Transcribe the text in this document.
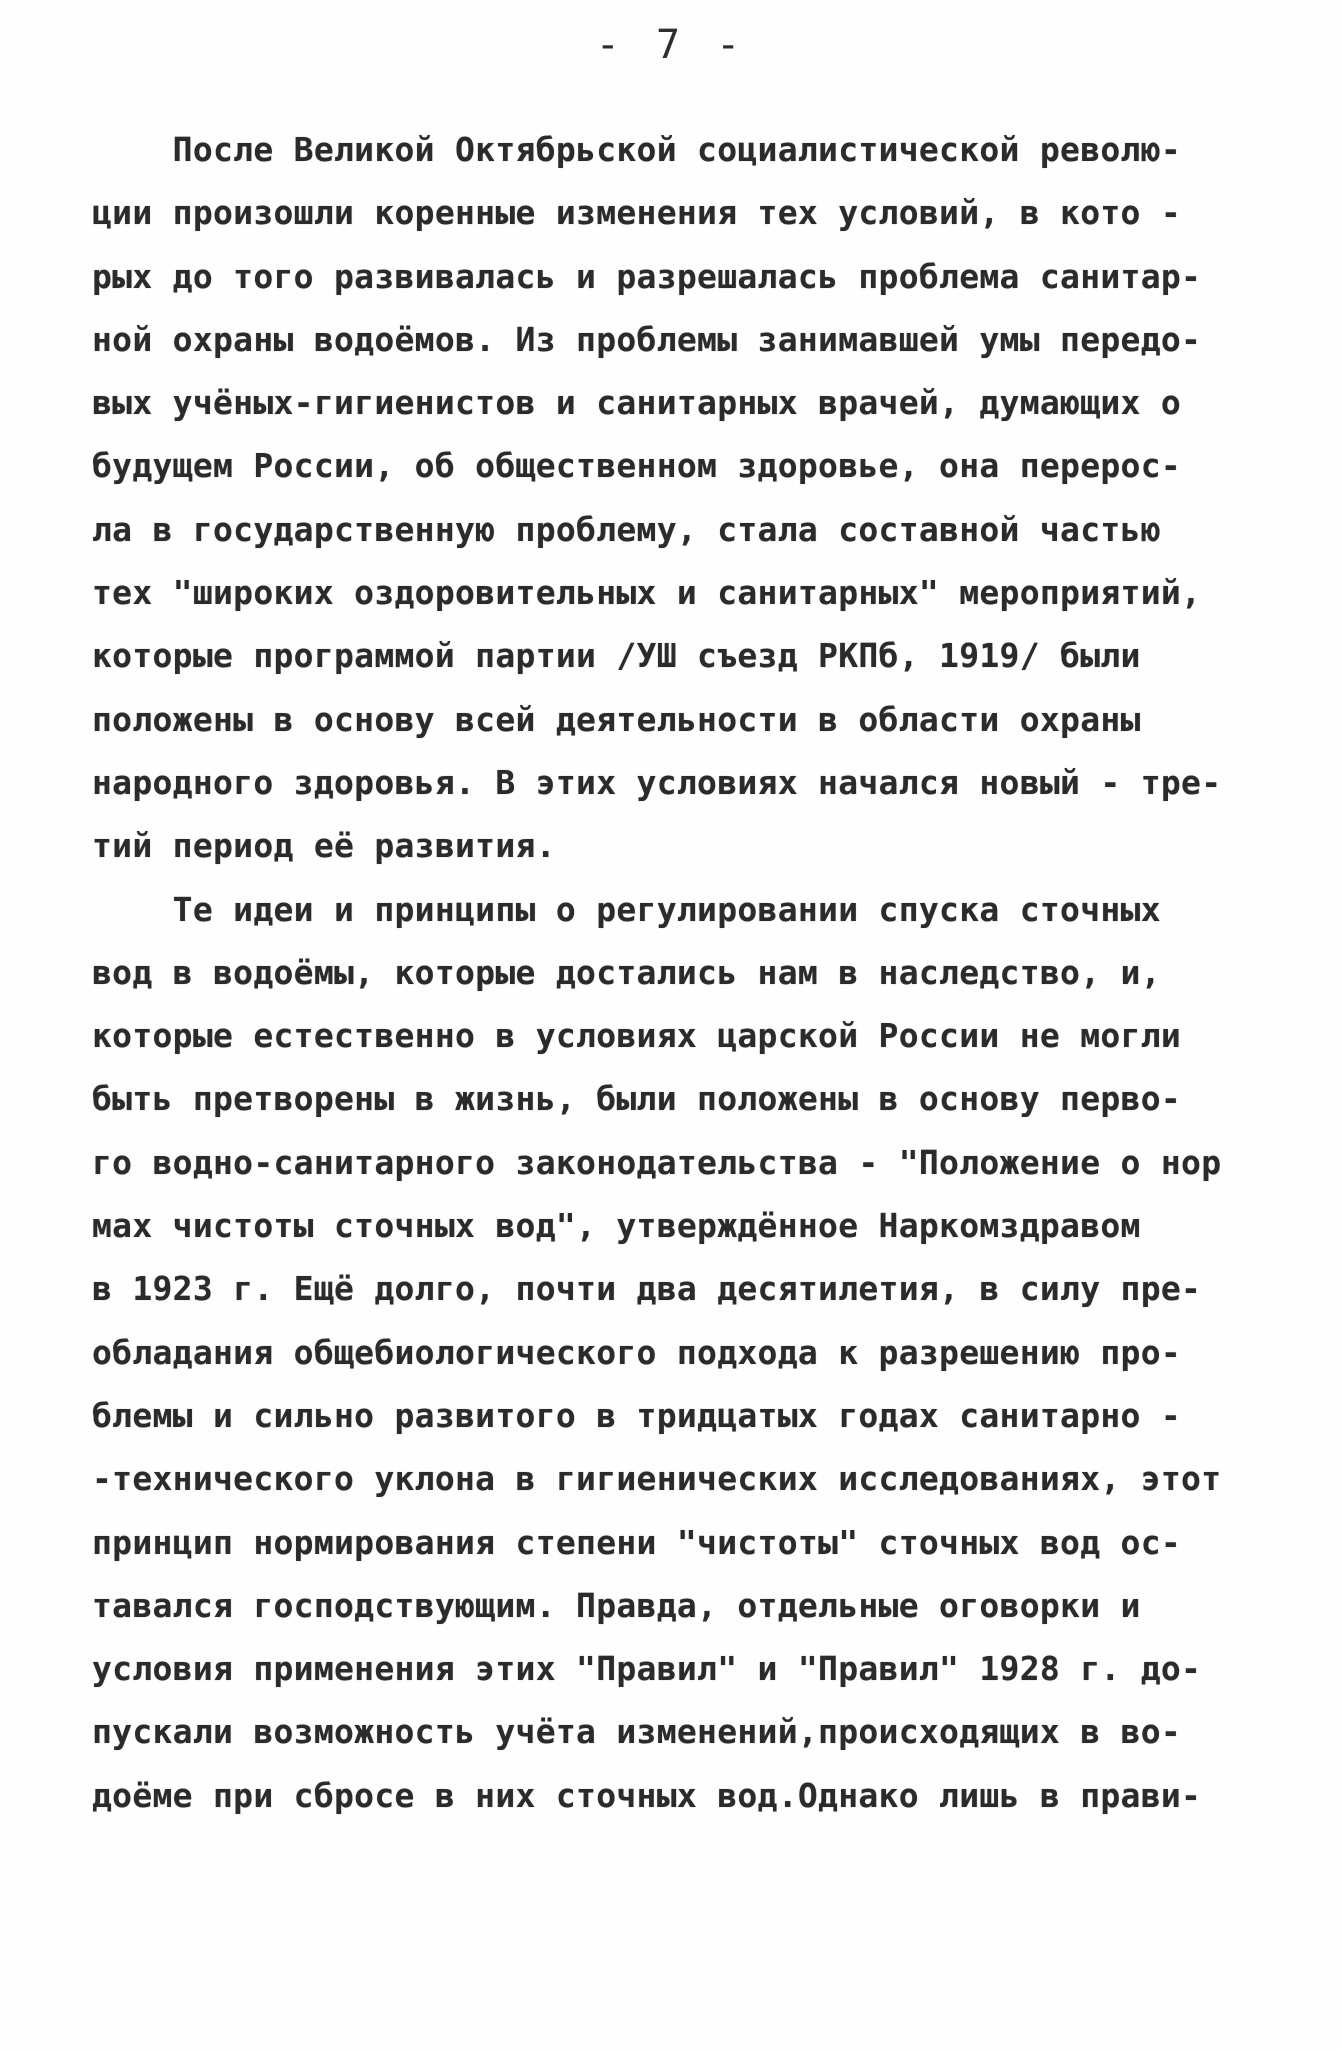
- 7 -
После Великой Октябрьской социалистической револю-
ции произошли коренные изменения тех условий, в кото -
рых до того развивалась и разрешалась проблема санитар-
ной охраны водоёмов. Из проблемы занимавшей умы передо-
вых учёных-гигиенистов и санитарных врачей, думающих о
будущем России, об общественном здоровье, она перерос-
ла в государственную проблему, стала составной частью
тех "широких оздоровительных и санитарных" мероприятий,
которые программой партии /УШ съезд РКПб, 1919/ были
положены в основу всей деятельности в области охраны
народного здоровья. В этих условиях начался новый - тре-
тий период её развития.
Те идеи и принципы о регулировании спуска сточных
вод в водоёмы, которые достались нам в наследство, и,
которые естественно в условиях царской России не могли
быть претворены в жизнь, были положены в основу перво-
го водно-санитарного законодательства - "Положение о нор
мах чистоты сточных вод", утверждённое Наркомздравом
в 1923 г. Ещё долго, почти два десятилетия, в силу пре-
обладания общебиологического подхода к разрешению про-
блемы и сильно развитого в тридцатых годах санитарно -
-технического уклона в гигиенических исследованиях, этот
принцип нормирования степени "чистоты" сточных вод ос-
тавался господствующим. Правда, отдельные оговорки и
условия применения этих "Правил" и "Правил" 1928 г. до-
пускали возможность учёта изменений,происходящих в во-
доёме при сбросе в них сточных вод.Однако лишь в прави-
